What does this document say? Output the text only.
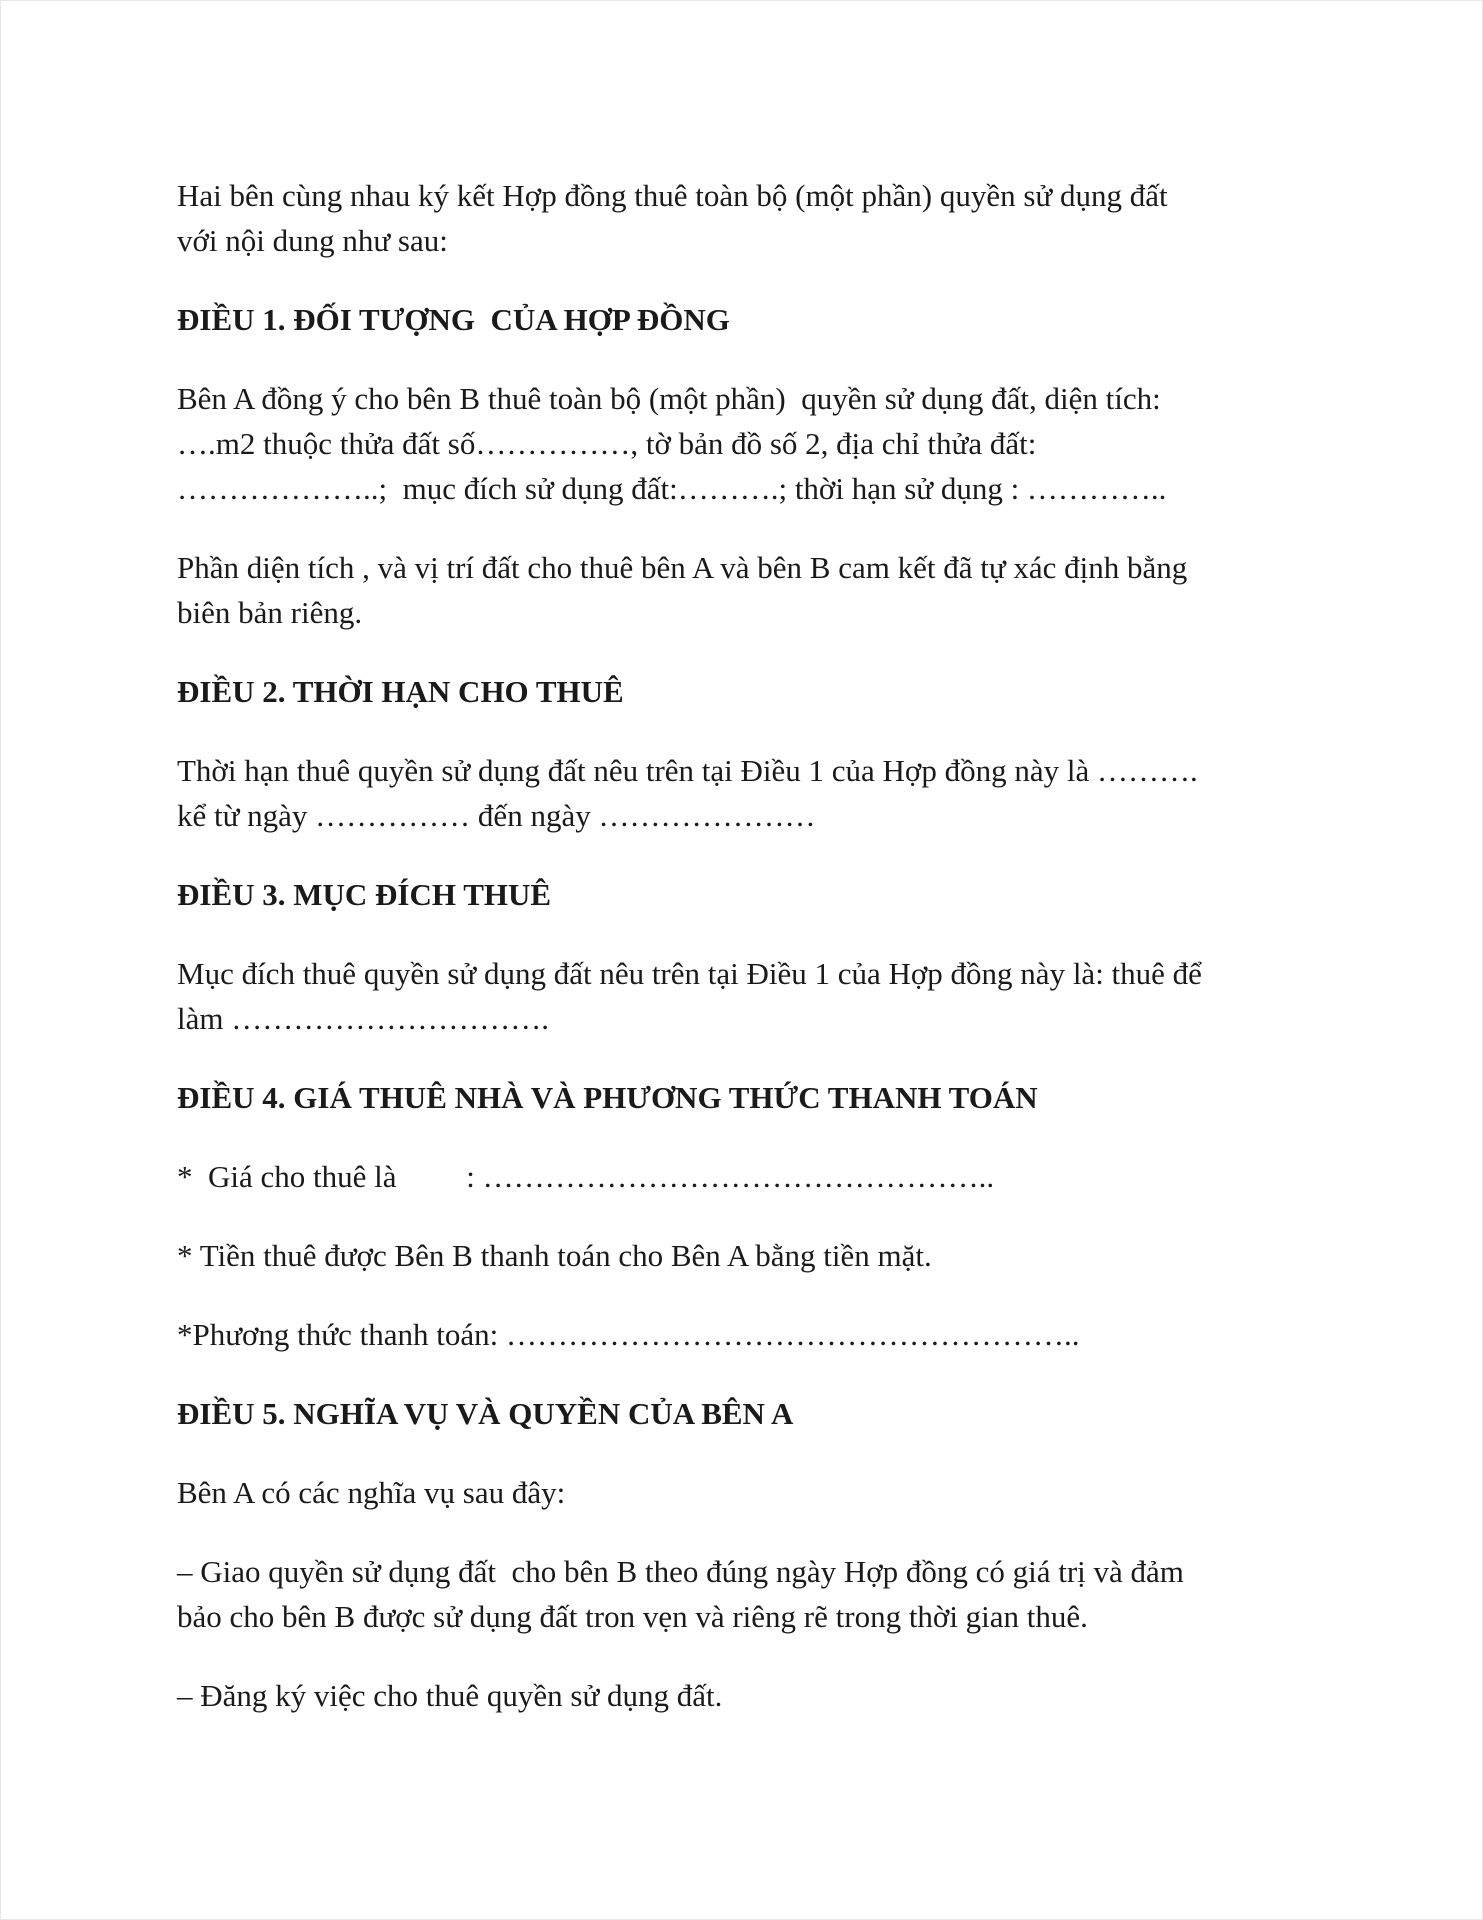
Hai bên cùng nhau ký kết Hợp đồng thuê toàn bộ (một phần) quyền sử dụng đất
với nội dung như sau:

ĐIỀU 1. ĐỐI TƯỢNG  CỦA HỢP ĐỒNG

Bên A đồng ý cho bên B thuê toàn bộ (một phần)  quyền sử dụng đất, diện tích:
….m2 thuộc thửa đất số……………, tờ bản đồ số 2, địa chỉ thửa đất:
………………..;  mục đích sử dụng đất:……….; thời hạn sử dụng : …………..

Phần diện tích , và vị trí đất cho thuê bên A và bên B cam kết đã tự xác định bằng
biên bản riêng.

ĐIỀU 2. THỜI HẠN CHO THUÊ

Thời hạn thuê quyền sử dụng đất nêu trên tại Điều 1 của Hợp đồng này là ……….
kể từ ngày …………… đến ngày …………………

ĐIỀU 3. MỤC ĐÍCH THUÊ

Mục đích thuê quyền sử dụng đất nêu trên tại Điều 1 của Hợp đồng này là: thuê để
làm ………………………….

ĐIỀU 4. GIÁ THUÊ NHÀ VÀ PHƯƠNG THỨC THANH TOÁN

*  Giá cho thuê là         : …………………………………………..

* Tiền thuê được Bên B thanh toán cho Bên A bằng tiền mặt.

*Phương thức thanh toán: ………………………………………………..

ĐIỀU 5. NGHĨA VỤ VÀ QUYỀN CỦA BÊN A

Bên A có các nghĩa vụ sau đây:

– Giao quyền sử dụng đất  cho bên B theo đúng ngày Hợp đồng có giá trị và đảm
bảo cho bên B được sử dụng đất tron vẹn và riêng rẽ trong thời gian thuê.

– Đăng ký việc cho thuê quyền sử dụng đất.
